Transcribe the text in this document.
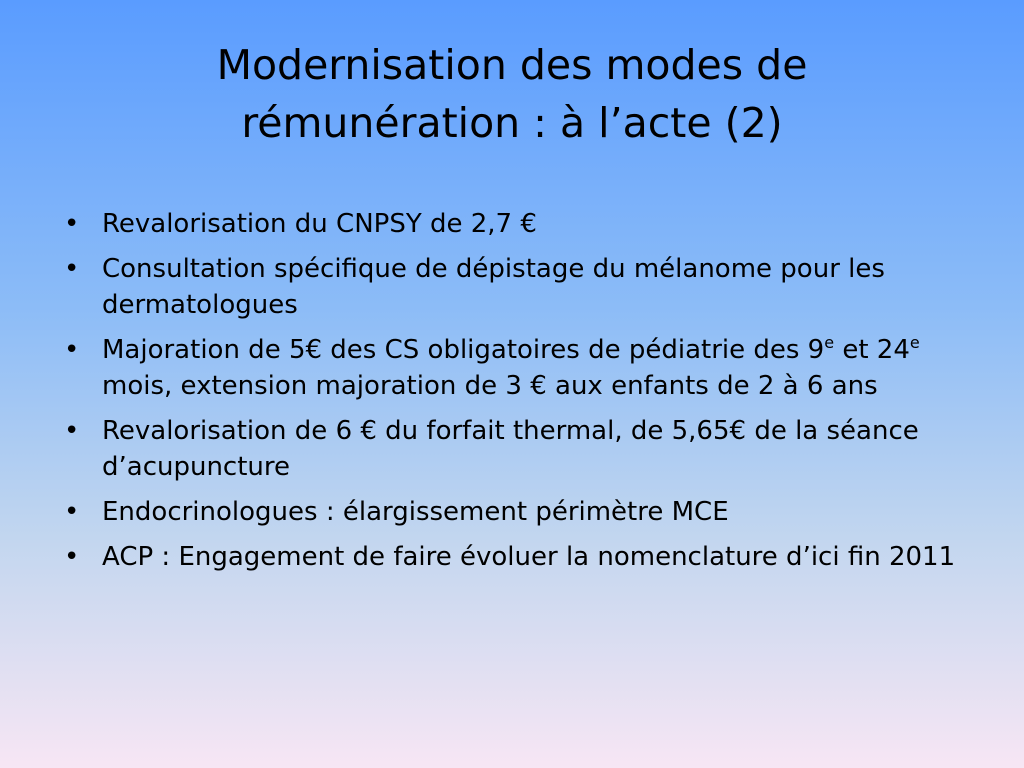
Modernisation des modes de
rémunération : à l’acte (2)
• Revalorisation du CNPSY de 2,7 €
• Consultation spécifique de dépistage du mélanome pour les dermatologues
• Majoration de 5€ des CS obligatoires de pédiatrie des 9e et 24e mois, extension majoration de 3 € aux enfants de 2 à 6 ans
• Revalorisation de 6 € du forfait thermal, de 5,65€ de la séance d’acupuncture
• Endocrinologues : élargissement périmètre MCE
• ACP : Engagement de faire évoluer la nomenclature d’ici fin 2011
